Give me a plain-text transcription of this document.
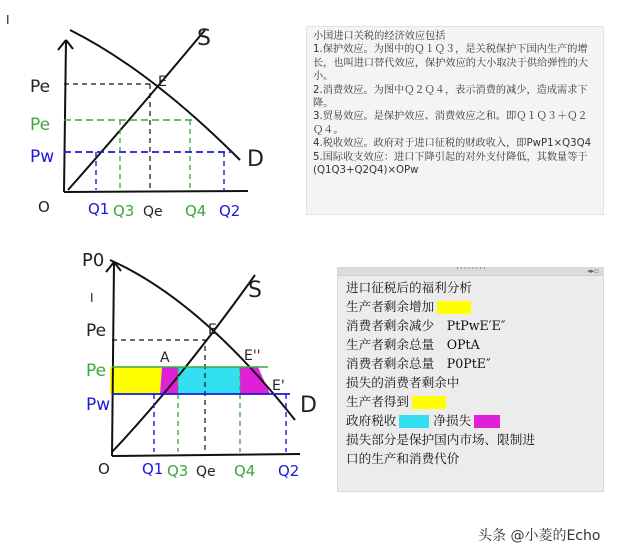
I
S
D
E
Pe
Pe
Pw
O	Q1 Q3 Qe Q4 Q2
P0
I	S
D
E
A	E''
E'
Pe
Pe
Pw
O Q1 Q3 Qe Q4 Q2
小国进口关税的经济效应包括
1.保护效应。为图中的Ｑ１Ｑ３，是关税保护下国内生产的增长，也叫进口替代效应，保护效应的大小取决于供给弹性的大小。
2.消费效应。为图中Ｑ２Ｑ４，表示消费的减少，造成需求下降。
3.贸易效应。是保护效应、消费效应之和。即Ｑ１Ｑ３＋Ｑ２Ｑ４。
4.税收效应。政府对于进口征税的财政收入，即PwP1×Q3Q4
5.国际收支效应：进口下降引起的对外支付降低，其数量等于(Q1Q3+Q2Q4)×OPw
········	◂▸▫
进口征税后的福利分析
生产者剩余增加
消费者剩余减少　PtPwE′E″
生产者剩余总量　OPtA
消费者剩余总量　P0PtE″
损失的消费者剩余中
生产者得到
政府税收	净损失
损失部分是保护国内市场、限制进
口的生产和消费代价
头条 @小菱的Echo
